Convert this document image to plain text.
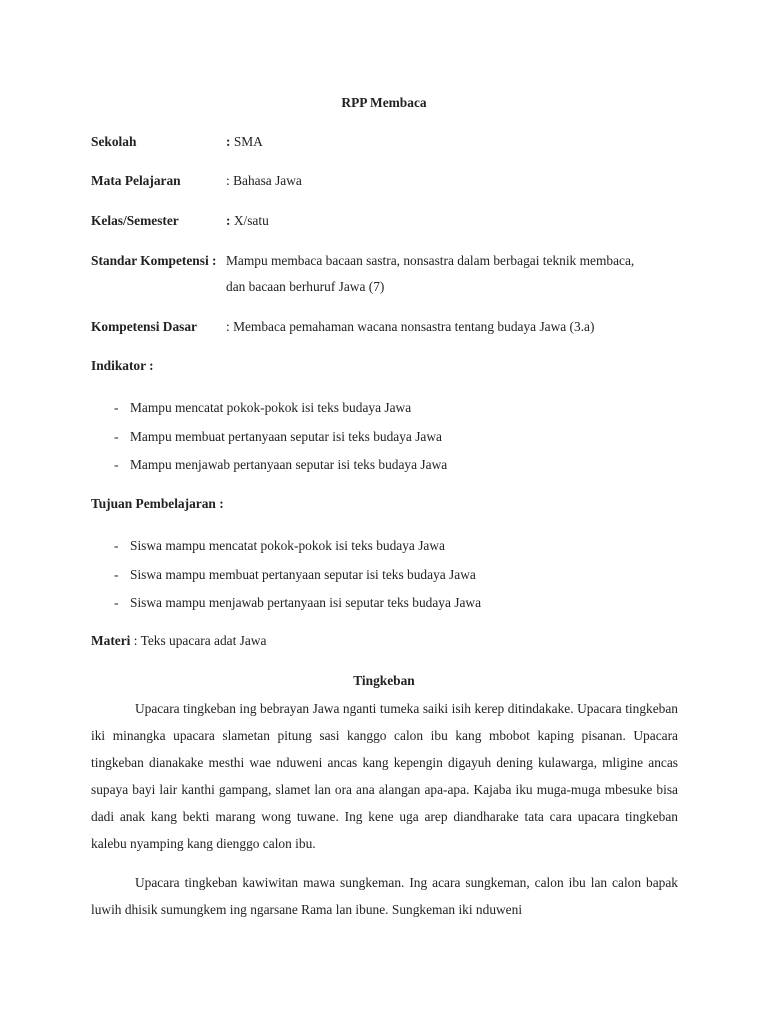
RPP Membaca
Sekolah	: SMA
Mata Pelajaran	: Bahasa Jawa
Kelas/Semester	: X/satu
Standar Kompetensi : Mampu membaca bacaan sastra, nonsastra dalam berbagai teknik membaca, dan bacaan berhuruf Jawa (7)
Kompetensi Dasar : Membaca pemahaman wacana nonsastra tentang budaya Jawa (3.a)
Indikator :
- Mampu mencatat pokok-pokok isi teks budaya Jawa
- Mampu membuat pertanyaan seputar isi teks budaya Jawa
- Mampu menjawab pertanyaan seputar isi teks budaya Jawa
Tujuan Pembelajaran :
- Siswa mampu mencatat pokok-pokok isi teks budaya Jawa
- Siswa mampu membuat pertanyaan seputar isi teks budaya Jawa
- Siswa mampu menjawab pertanyaan isi seputar teks budaya Jawa
Materi : Teks upacara adat Jawa
Tingkeban

Upacara tingkeban ing bebrayan Jawa nganti tumeka saiki isih kerep ditindakake. Upacara tingkeban iki minangka upacara slametan pitung sasi kanggo calon ibu kang mbobot kaping pisanan. Upacara tingkeban dianakake mesthi wae nduweni ancas kang kepengin digayuh dening kulawarga, mligine ancas supaya bayi lair kanthi gampang, slamet lan ora ana alangan apa-apa. Kajaba iku muga-muga mbesuke bisa dadi anak kang bekti marang wong tuwane. Ing kene uga arep diandharake tata cara upacara tingkeban kalebu nyamping kang dienggo calon ibu.

Upacara tingkeban kawiwitan mawa sungkeman. Ing acara sungkeman, calon ibu lan calon bapak luwih dhisik sumungkem ing ngarsane Rama lan ibune. Sungkeman iki nduweni
